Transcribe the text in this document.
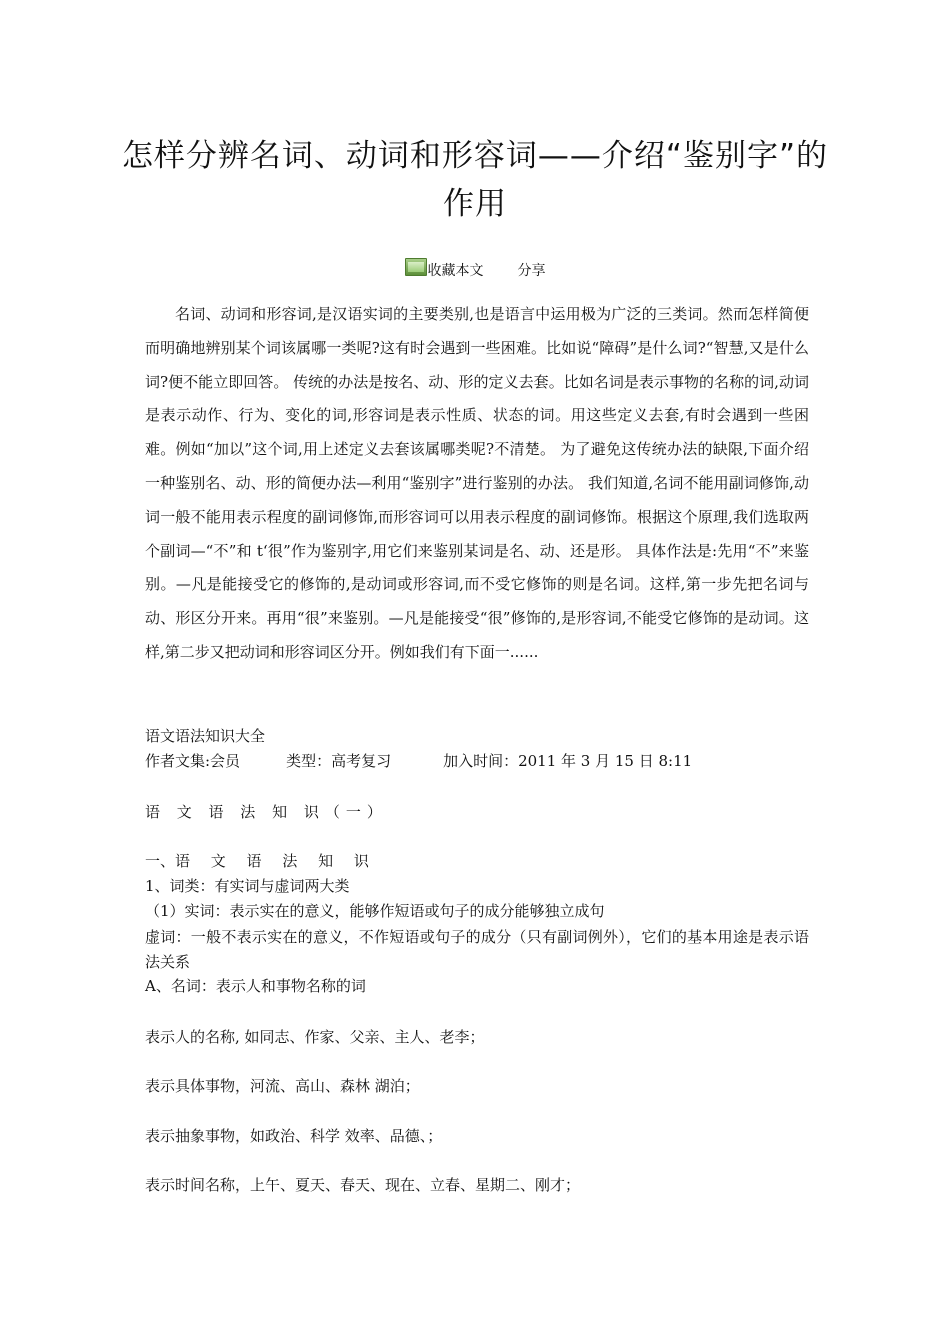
怎样分辨名词、动词和形容词——介绍“鉴别字”的
作用
收藏本文 分享

名词、动词和形容词,是汉语实词的主要类别,也是语言中运用极为广泛的三类词。然而怎样简便而明确地辨别某个词该属哪一类呢?这有时会遇到一些困难。比如说“障碍”是什么词?“智慧,又是什么词?便不能立即回答。 传统的办法是按名、动、形的定义去套。比如名词是表示事物的名称的词,动词是表示动作、行为、变化的词,形容词是表示性质、状态的词。用这些定义去套,有时会遇到一些困难。例如“加以”这个词,用上述定义去套该属哪类呢?不清楚。 为了避免这传统办法的缺限,下面介绍一种鉴别名、动、形的简便办法—利用“鉴别字”进行鉴别的办法。 我们知道,名词不能用副词修饰,动词一般不能用表示程度的副词修饰,而形容词可以用表示程度的副词修饰。根据这个原理,我们选取两个副词—“不”和 t‘很”作为鉴别字,用它们来鉴别某词是名、动、还是形。 具体作法是:先用“不”来鉴别。—凡是能接受它的修饰的,是动词或形容词,而不受它修饰的则是名词。这样,第一步先把名词与动、形区分开来。再用“很”来鉴别。—凡是能接受“很”修饰的,是形容词,不能受它修饰的是动词。这样,第二步又把动词和形容词区分开。例如我们有下面一......

语文语法知识大全
作者文集:会员	类型：高考复习	加入时间：2011 年 3 月 15 日 8:11
语 文 语 法 知 识（一）
一、语 文 语 法 知 识
1、词类：有实词与虚词两大类
（1）实词：表示实在的意义，能够作短语或句子的成分能够独立成句
虚词：一般不表示实在的意义，不作短语或句子的成分（只有副词例外），它们的基本用途是表示语法关系
A、名词：表示人和事物名称的词
表示人的名称, 如同志、作家、父亲、主人、老李；
表示具体事物，河流、高山、森林 湖泊；
表示抽象事物，如政治、科学 效率、品德、；
表示时间名称，上午、夏天、春天、现在、立春、星期二、刚才；
